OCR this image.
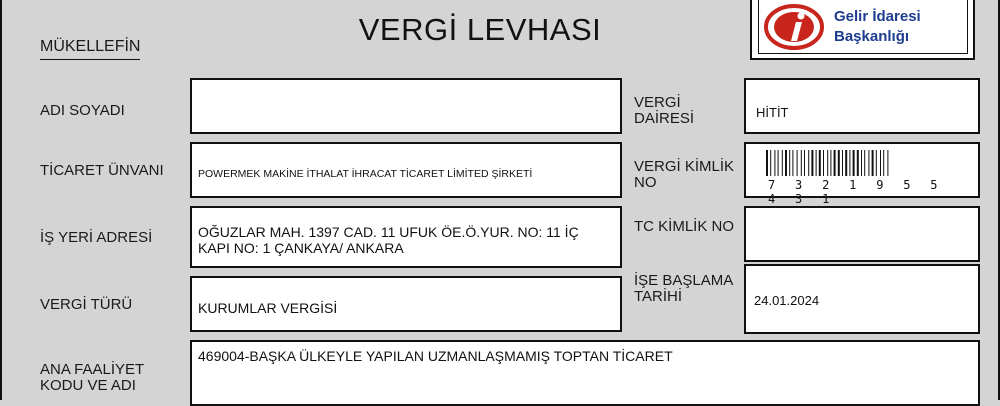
VERGİ LEVHASI
MÜKELLEFİN
Gelir İdaresi
Başkanlığı
ADI SOYADI
TİCARET ÜNVANI	POWERMEK MAKİNE İTHALAT İHRACAT TİCARET LİMİTED ŞİRKETİ
İŞ YERİ ADRESİ	OĞUZLAR MAH. 1397 CAD. 11 UFUK ÖE.Ö.YUR. NO: 11 İÇ
KAPI NO: 1 ÇANKAYA/ ANKARA
VERGİ TÜRÜ	KURUMLAR VERGİSİ
ANA FAALİYET
KODU VE ADI
469004-BAŞKA ÜLKEYLE YAPILAN UZMANLAŞMAMIŞ TOPTAN TİCARET
VERGİ
DAİRESİ	HİTİT
VERGİ KİMLİK
NO	7 3 2 1 9 5 5 4 3 1
TC KİMLİK NO
İŞE BAŞLAMA
TARİHİ	24.01.2024
